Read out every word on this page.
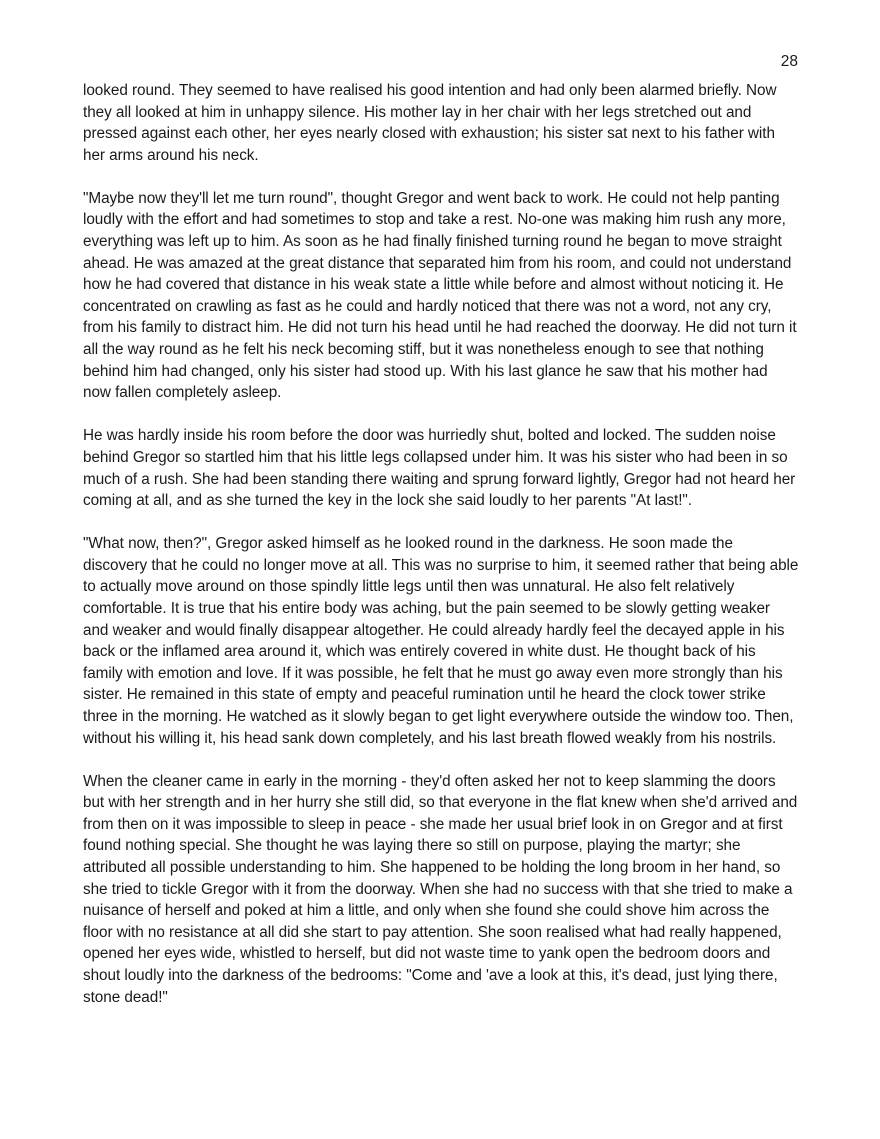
28

looked round. They seemed to have realised his good intention and had only been alarmed briefly. Now they all looked at him in unhappy silence. His mother lay in her chair with her legs stretched out and pressed against each other, her eyes nearly closed with exhaustion; his sister sat next to his father with her arms around his neck.

"Maybe now they'll let me turn round", thought Gregor and went back to work. He could not help panting loudly with the effort and had sometimes to stop and take a rest. No-one was making him rush any more, everything was left up to him. As soon as he had finally finished turning round he began to move straight ahead. He was amazed at the great distance that separated him from his room, and could not understand how he had covered that distance in his weak state a little while before and almost without noticing it. He concentrated on crawling as fast as he could and hardly noticed that there was not a word, not any cry, from his family to distract him. He did not turn his head until he had reached the doorway. He did not turn it all the way round as he felt his neck becoming stiff, but it was nonetheless enough to see that nothing behind him had changed, only his sister had stood up. With his last glance he saw that his mother had now fallen completely asleep.

He was hardly inside his room before the door was hurriedly shut, bolted and locked. The sudden noise behind Gregor so startled him that his little legs collapsed under him. It was his sister who had been in so much of a rush. She had been standing there waiting and sprung forward lightly, Gregor had not heard her coming at all, and as she turned the key in the lock she said loudly to her parents "At last!".

"What now, then?", Gregor asked himself as he looked round in the darkness. He soon made the discovery that he could no longer move at all. This was no surprise to him, it seemed rather that being able to actually move around on those spindly little legs until then was unnatural. He also felt relatively comfortable. It is true that his entire body was aching, but the pain seemed to be slowly getting weaker and weaker and would finally disappear altogether. He could already hardly feel the decayed apple in his back or the inflamed area around it, which was entirely covered in white dust. He thought back of his family with emotion and love. If it was possible, he felt that he must go away even more strongly than his sister. He remained in this state of empty and peaceful rumination until he heard the clock tower strike three in the morning. He watched as it slowly began to get light everywhere outside the window too. Then, without his willing it, his head sank down completely, and his last breath flowed weakly from his nostrils.

When the cleaner came in early in the morning - they'd often asked her not to keep slamming the doors but with her strength and in her hurry she still did, so that everyone in the flat knew when she'd arrived and from then on it was impossible to sleep in peace - she made her usual brief look in on Gregor and at first found nothing special. She thought he was laying there so still on purpose, playing the martyr; she attributed all possible understanding to him. She happened to be holding the long broom in her hand, so she tried to tickle Gregor with it from the doorway. When she had no success with that she tried to make a nuisance of herself and poked at him a little, and only when she found she could shove him across the floor with no resistance at all did she start to pay attention. She soon realised what had really happened, opened her eyes wide, whistled to herself, but did not waste time to yank open the bedroom doors and shout loudly into the darkness of the bedrooms: "Come and 'ave a look at this, it's dead, just lying there, stone dead!"
